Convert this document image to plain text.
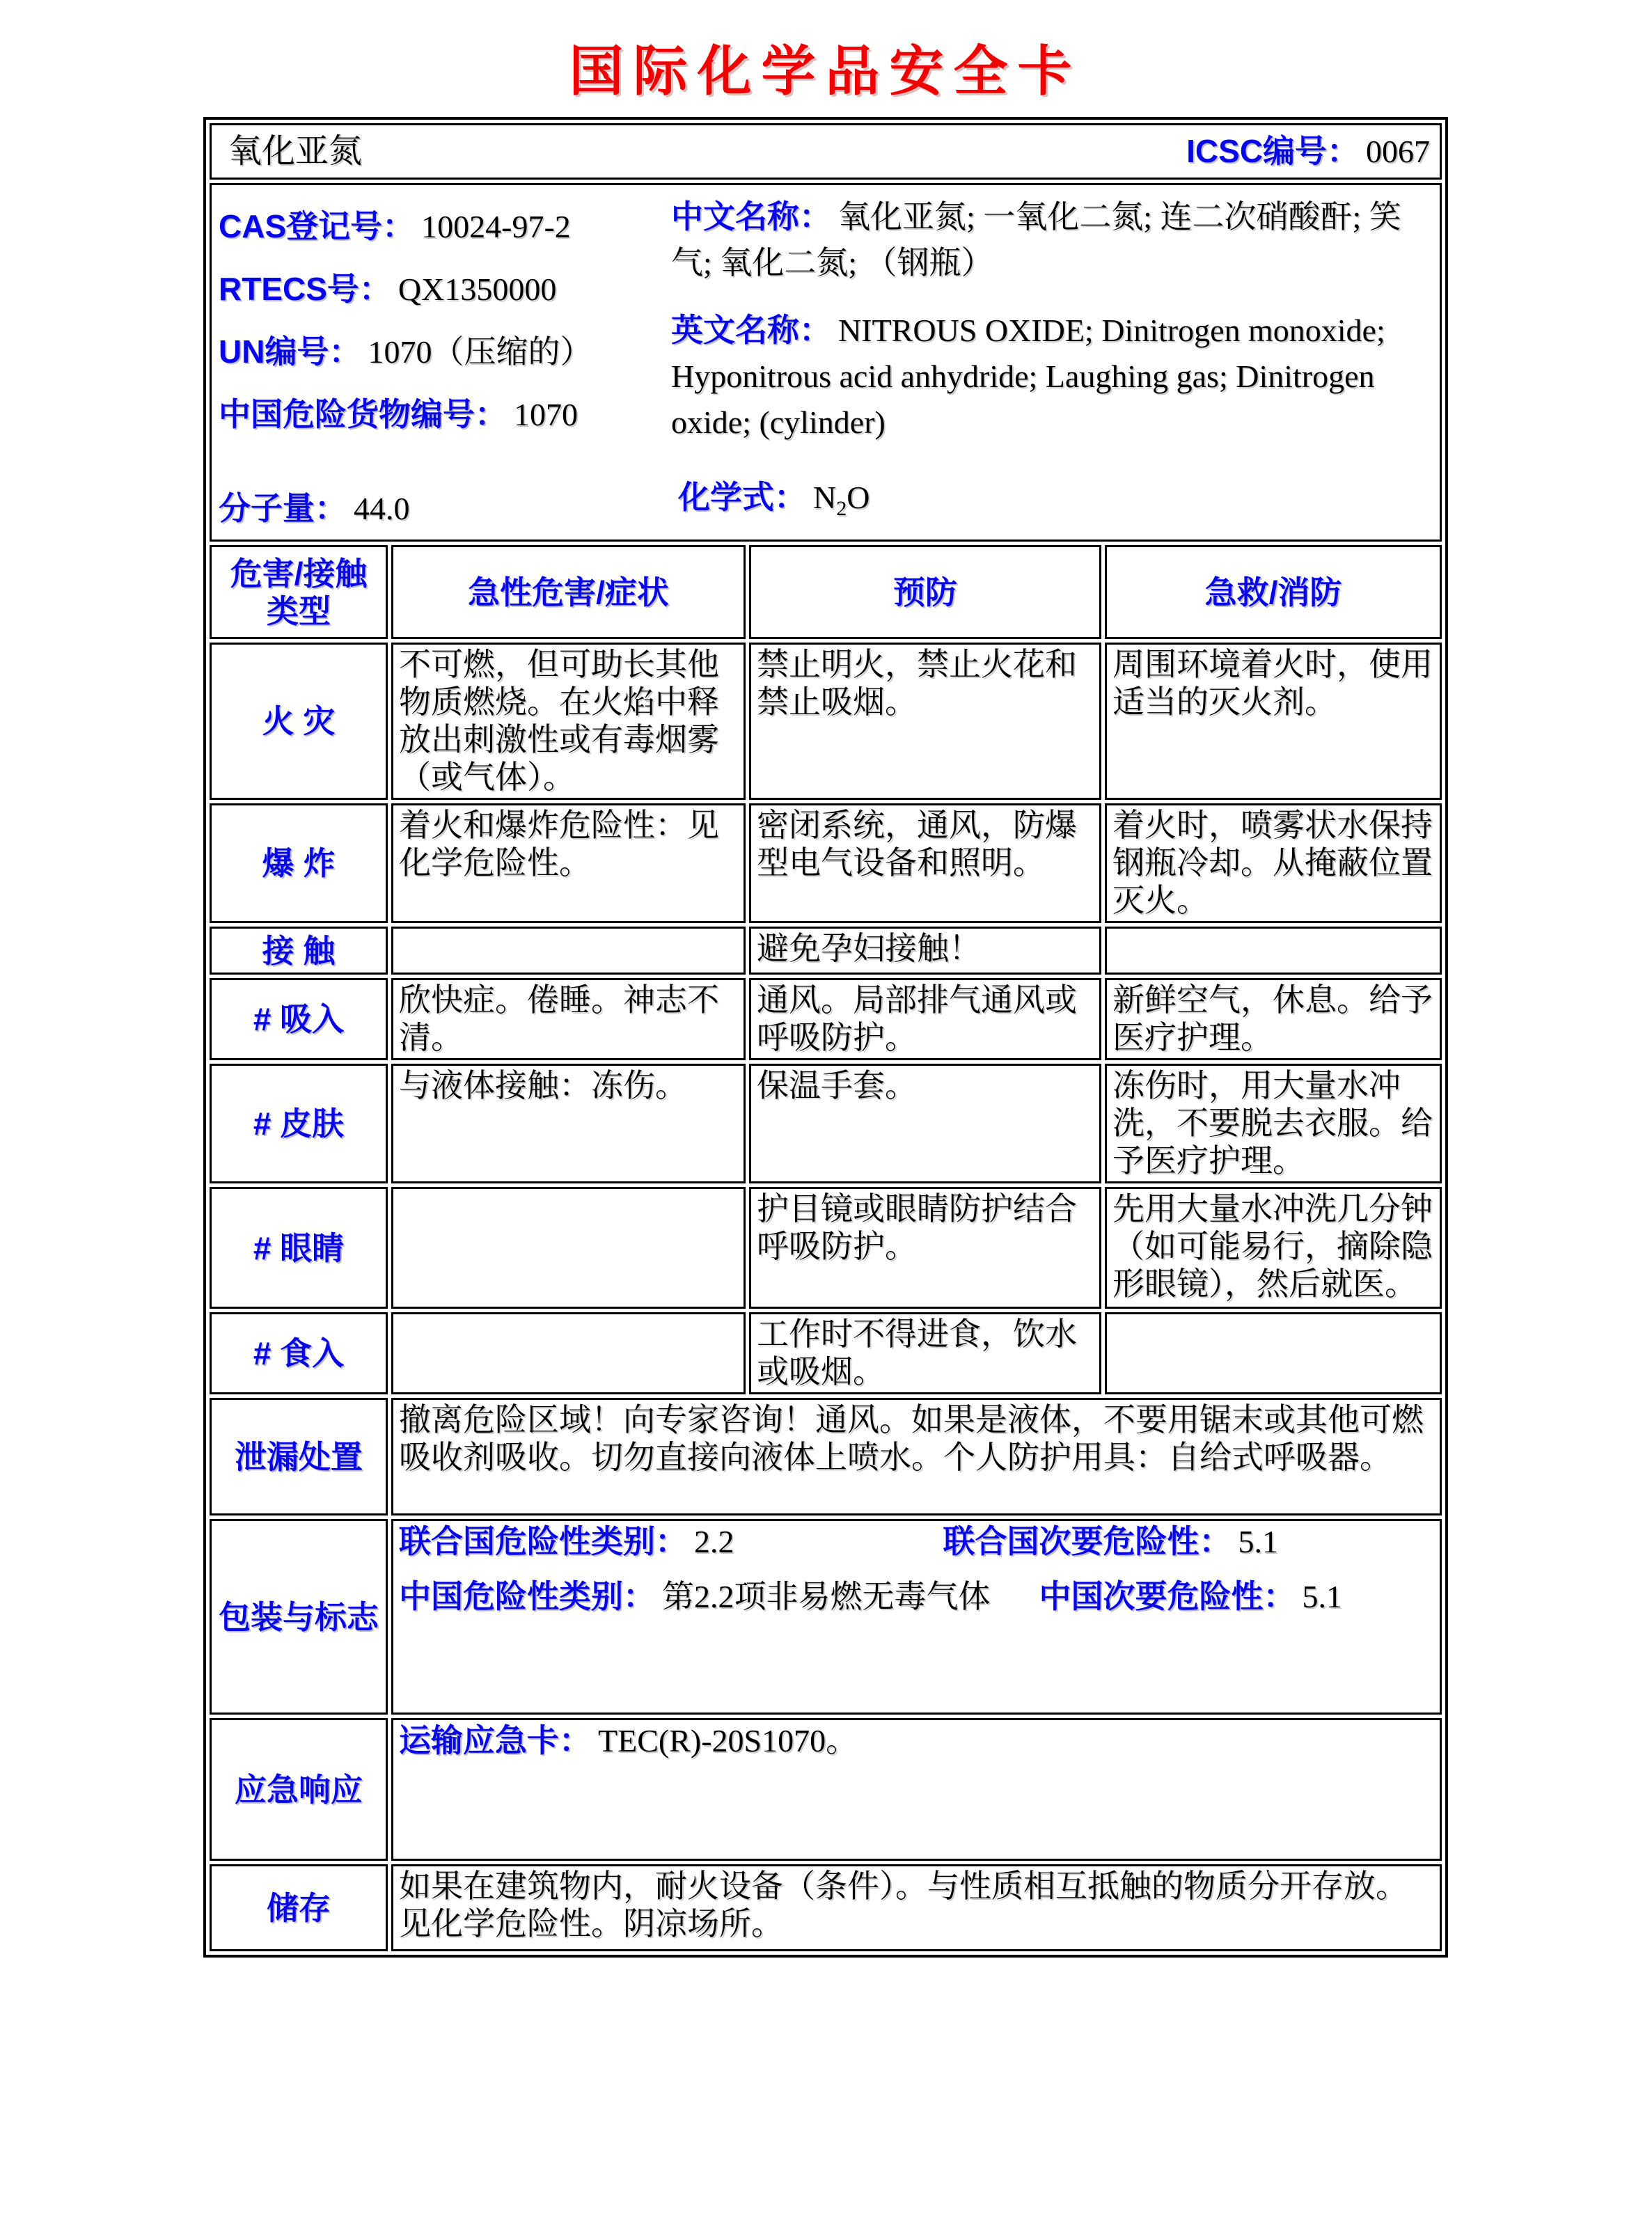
国际化学品安全卡
氧化亚氮 ICSC编号： 0067			

CAS登记号： 10024-97-2
RTECS号： QX1350000
UN编号： 1070（压缩的）
中国危险货物编号： 1070

中文名称： 氧化亚氮; 一氧化二氮; 连二次硝酸酐; 笑气; 氧化二氮; （钢瓶）

英文名称： NITROUS OXIDE; Dinitrogen monoxide; Hyponitrous acid anhydride; Laughing gas; Dinitrogen oxide; (cylinder)

分子量： 44.0	化学式： $N_2O$

危害/接触类型	急性危害/症状	预防	急救/消防
火 灾	不可燃，但可助长其他物质燃烧。在火焰中释放出刺激性或有毒烟雾（或气体）。	禁止明火，禁止火花和禁止吸烟。	周围环境着火时，使用适当的灭火剂。
爆 炸	着火和爆炸危险性：见化学危险性。	密闭系统，通风，防爆型电气设备和照明。	着火时，喷雾状水保持钢瓶冷却。从掩蔽位置灭火。
接 触		避免孕妇接触！	
# 吸入	欣快症。倦睡。神志不清。	通风。局部排气通风或呼吸防护。	新鲜空气，休息。给予医疗护理。
# 皮肤	与液体接触：冻伤。	保温手套。	冻伤时，用大量水冲洗，不要脱去衣服。给予医疗护理。
# 眼睛		护目镜或眼睛防护结合呼吸防护。	先用大量水冲洗几分钟（如可能易行，摘除隐形眼镜），然后就医。
# 食入		工作时不得进食，饮水或吸烟。	
泄漏处置	撤离危险区域！向专家咨询！通风。如果是液体，不要用锯末或其他可燃吸收剂吸收。切勿直接向液体上喷水。个人防护用具：自给式呼吸器。		
包装与标志	联合国危险性类别： 2.2 联合国次要危险性： 5.1
中国危险性类别： 第2.2项非易燃无毒气体 中国次要危险性： 5.1		

应急响应	运输应急卡： TEC(R)-20S1070。		
储存	如果在建筑物内，耐火设备（条件）。与性质相互抵触的物质分开存放。见化学危险性。阴凉场所。		
